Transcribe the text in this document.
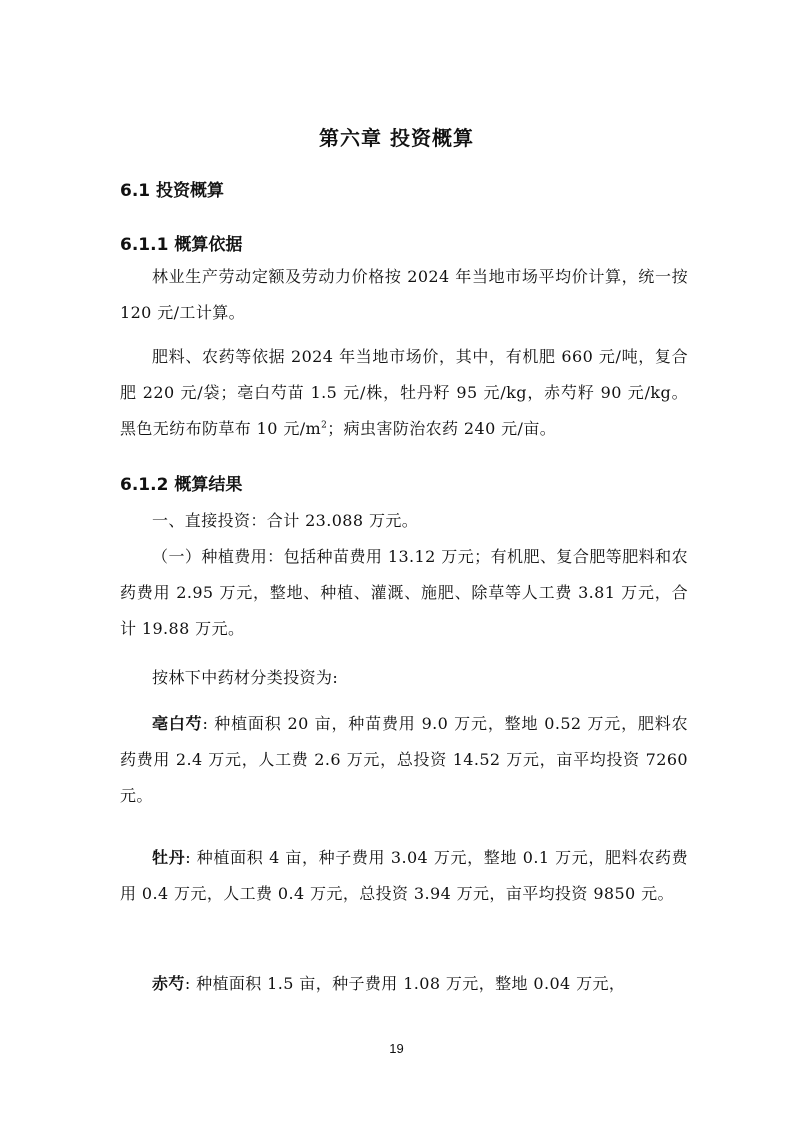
第六章 投资概算
6.1 投资概算
6.1.1 概算依据
林业生产劳动定额及劳动力价格按 2024 年当地市场平均价计算，统一按 120 元/工计算。
肥料、农药等依据 2024 年当地市场价，其中，有机肥 660 元/吨，复合肥 220 元/袋；亳白芍苗 1.5 元/株，牡丹籽 95 元/kg，赤芍籽 90 元/kg。黑色无纺布防草布 10 元$/m^2$；病虫害防治农药 240 元/亩。
6.1.2 概算结果
一、直接投资：合计 23.088 万元。
（一）种植费用：包括种苗费用 13.12 万元；有机肥、复合肥等肥料和农药费用 2.95 万元，整地、种植、灌溉、施肥、除草等人工费 3.81 万元，合计 19.88 万元。
按林下中药材分类投资为:
亳白芍: 种植面积 20 亩，种苗费用 9.0 万元，整地 0.52 万元，肥料农药费用 2.4 万元，人工费 2.6 万元，总投资 14.52 万元，亩平均投资 7260 元。
牡丹: 种植面积 4 亩，种子费用 3.04 万元，整地 0.1 万元，肥料农药费用 0.4 万元，人工费 0.4 万元，总投资 3.94 万元，亩平均投资 9850 元。
赤芍: 种植面积 1.5 亩，种子费用 1.08 万元，整地 0.04 万元，
19
